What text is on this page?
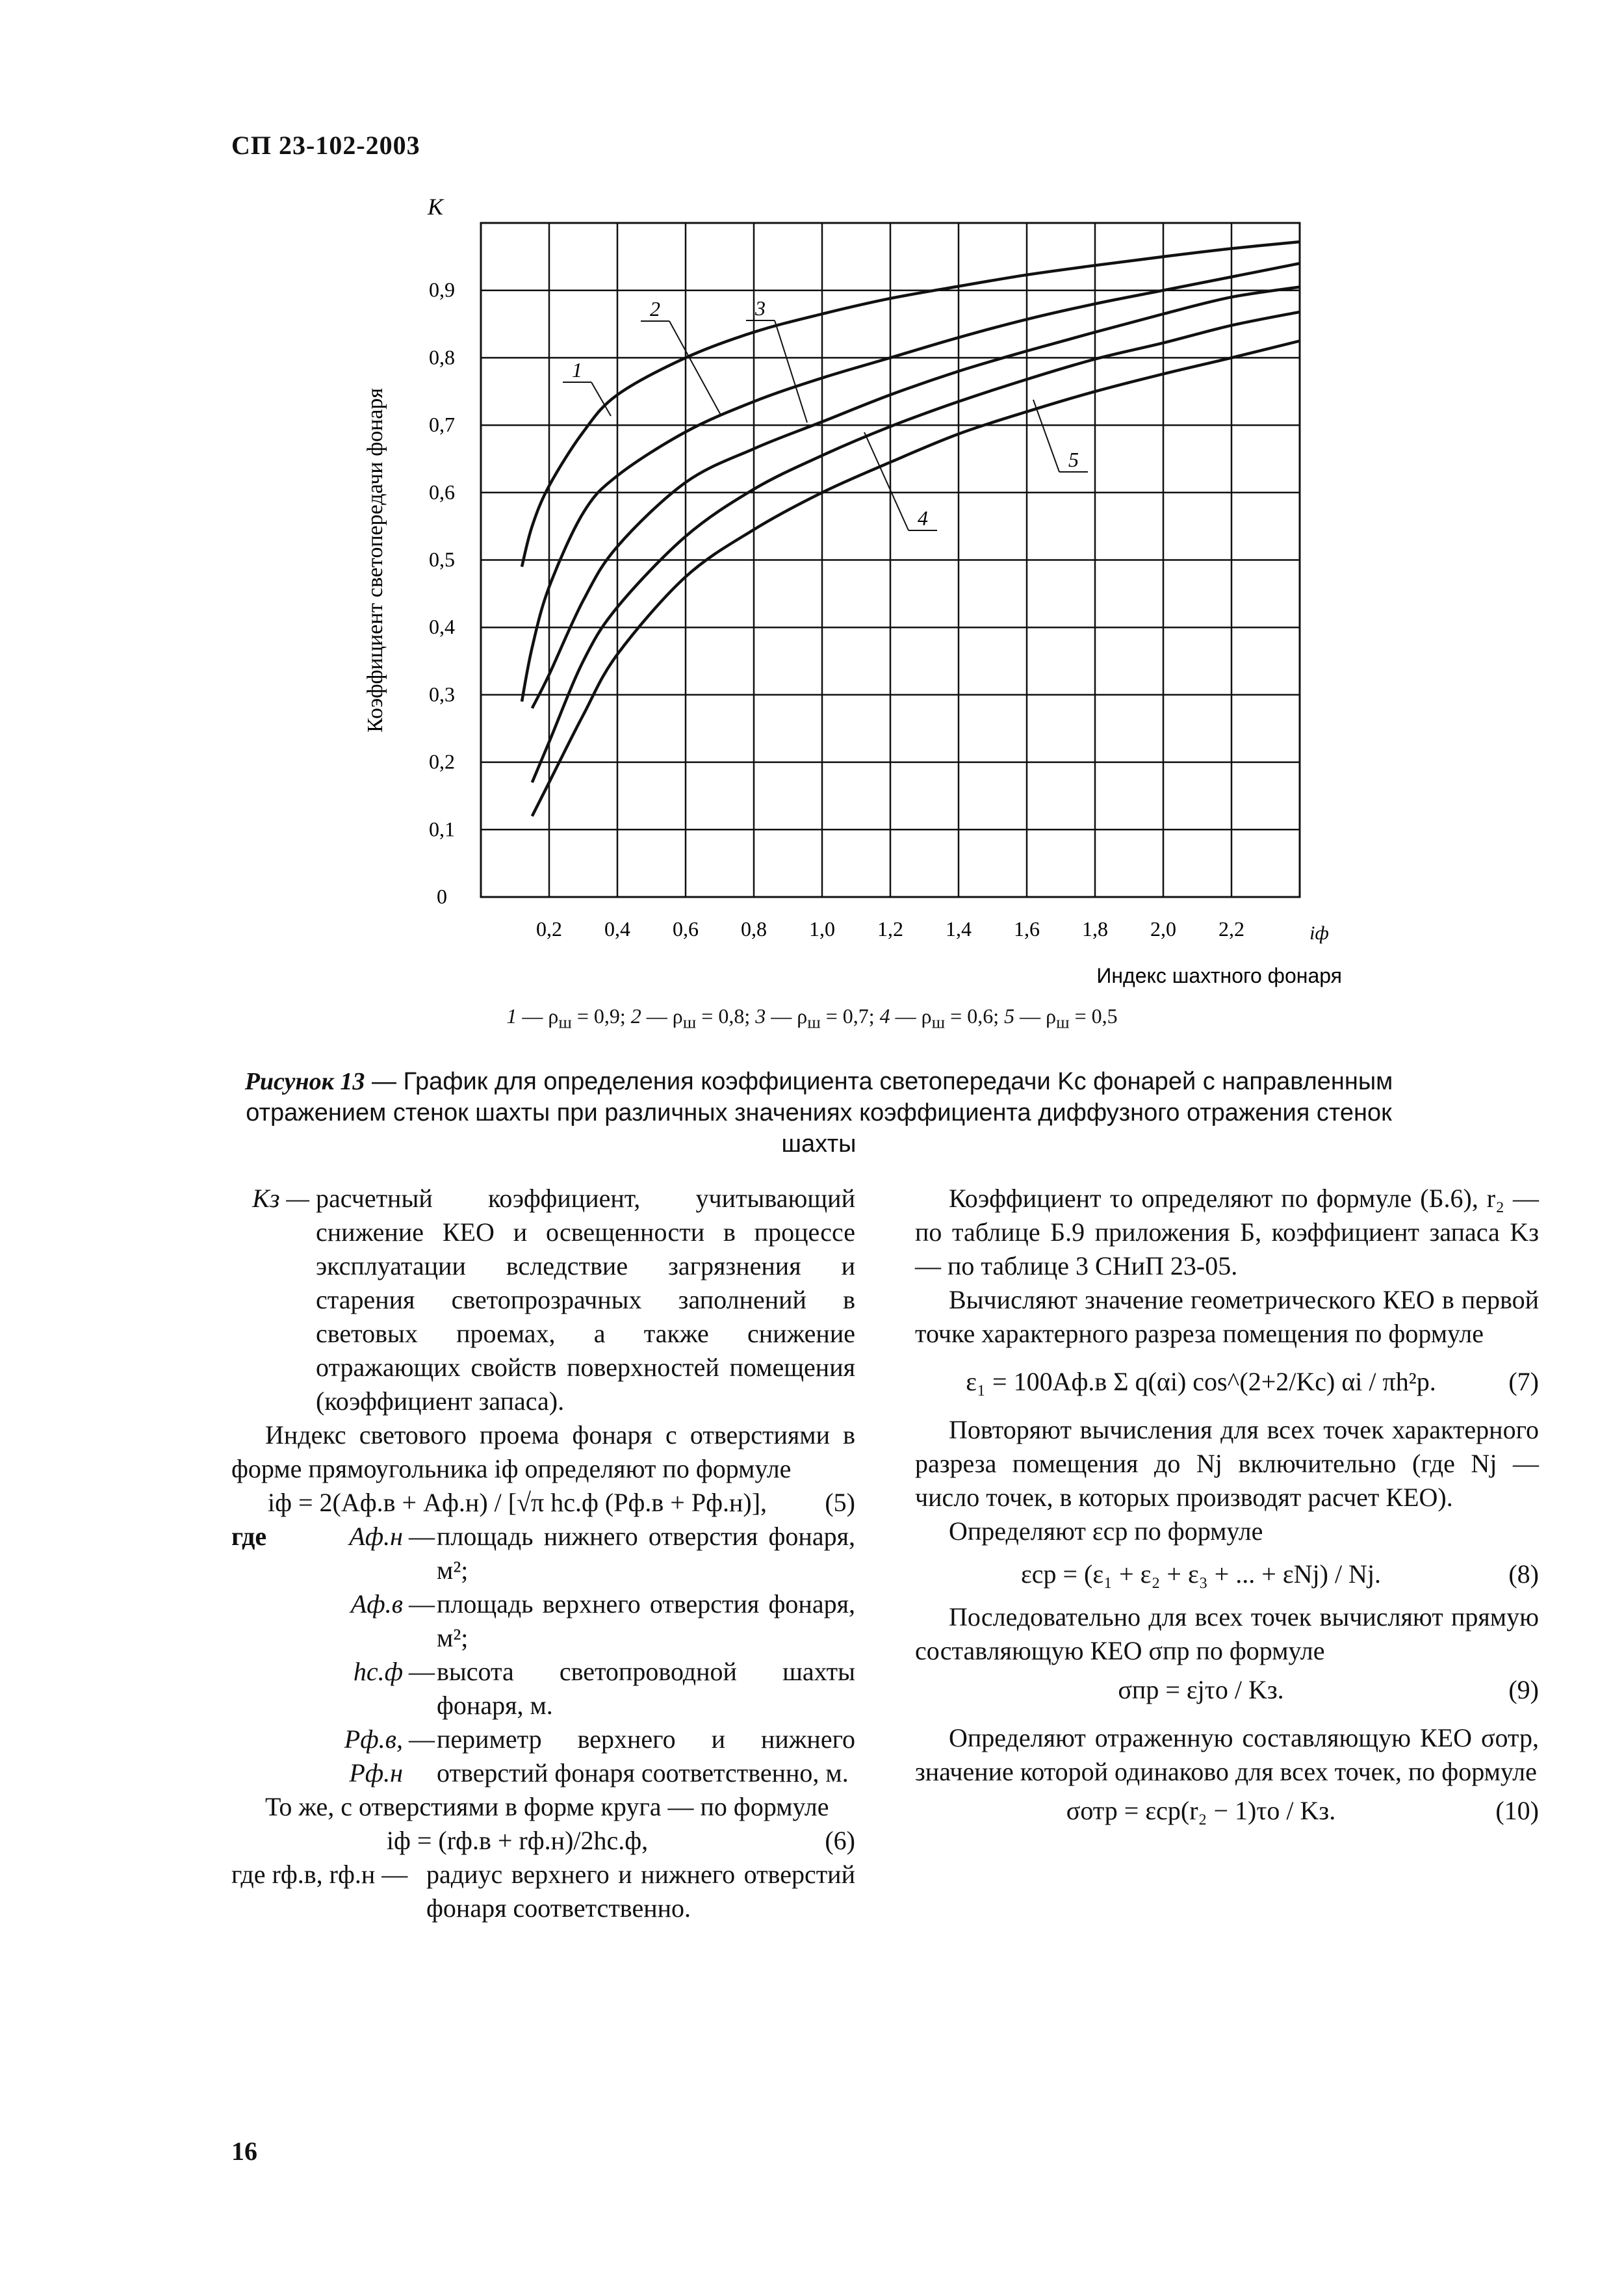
СП 23-102-2003
0,2 0,4 0,6 0,8 1,0 1,2 1,4 1,6 1,8 2,0 2,2
0
0,1
0,2
0,3
0,4
0,5
0,6
0,7
0,8
0,9
K
iф
Индекс шахтного фонаря
Коэффициент светопередачи фонаря
1
2	3
4
5
1 — $\rho_ш = 0,9$; 2 — $\rho_ш = 0,8$; 3 — $\rho_ш = 0,7$; 4 — $\rho_ш = 0,6$; 5 — $\rho_ш = 0,5$
Рисунок 13 — График для определения коэффициента светопередачи Kс фонарей с направленным отражением стенок шахты при различных значениях коэффициента диффузного отражения стенок шахты
Kз — расчетный коэффициент, учитывающий снижение КЕО и освещенности в процессе эксплуатации вследствие загрязнения и старения светопрозрачных заполнений в световых проемах, а также снижение отражающих свойств поверхностей помещения (коэффициент запаса).

Индекс светового проема фонаря с отверстиями в форме прямоугольника iф определяют по формуле

iф = 2(Aф.в + Aф.н) / [√π hс.ф (Pф.в + Pф.н)],	(5)
где	Aф.н — площадь нижнего отверстия фонаря, м²;
Aф.в — площадь верхнего отверстия фонаря, м²;
hс.ф — высота светопроводной шахты фонаря, м.
Pф.в, Pф.н
— периметр верхнего и нижнего отверстий фонаря соответственно, м.

То же, с отверстиями в форме круга — по формуле

iф = (rф.в + rф.н)/2hс.ф,	(6)
где rф.в, rф.н — радиус верхнего и нижнего отверстий фонаря соответственно.

Коэффициент τо определяют по формуле (Б.6), r₂ — по таблице Б.9 приложения Б, коэффициент запаса Kз — по таблице 3 СНиП 23-05.

Вычисляют значение геометрического КЕО в первой точке характерного разреза помещения по формуле

ε₁ = 100Aф.в Σ q(αi) cos^(2+2/Kс) αi / πh²р.	(7)

Повторяют вычисления для всех точек характерного разреза помещения до Nj включительно (где Nj — число точек, в которых производят расчет КЕО).

Определяют εср по формуле

εср = (ε₁ + ε₂ + ε₃ + ... + εNj) / Nj.	(8)

Последовательно для всех точек вычисляют прямую составляющую КЕО σпр по формуле

σпр = εjτо / Kз.	(9)

Определяют отраженную составляющую КЕО σотр, значение которой одинаково для всех точек, по формуле

σотр = εср(r₂ − 1)τо / Kз.	(10)
16
